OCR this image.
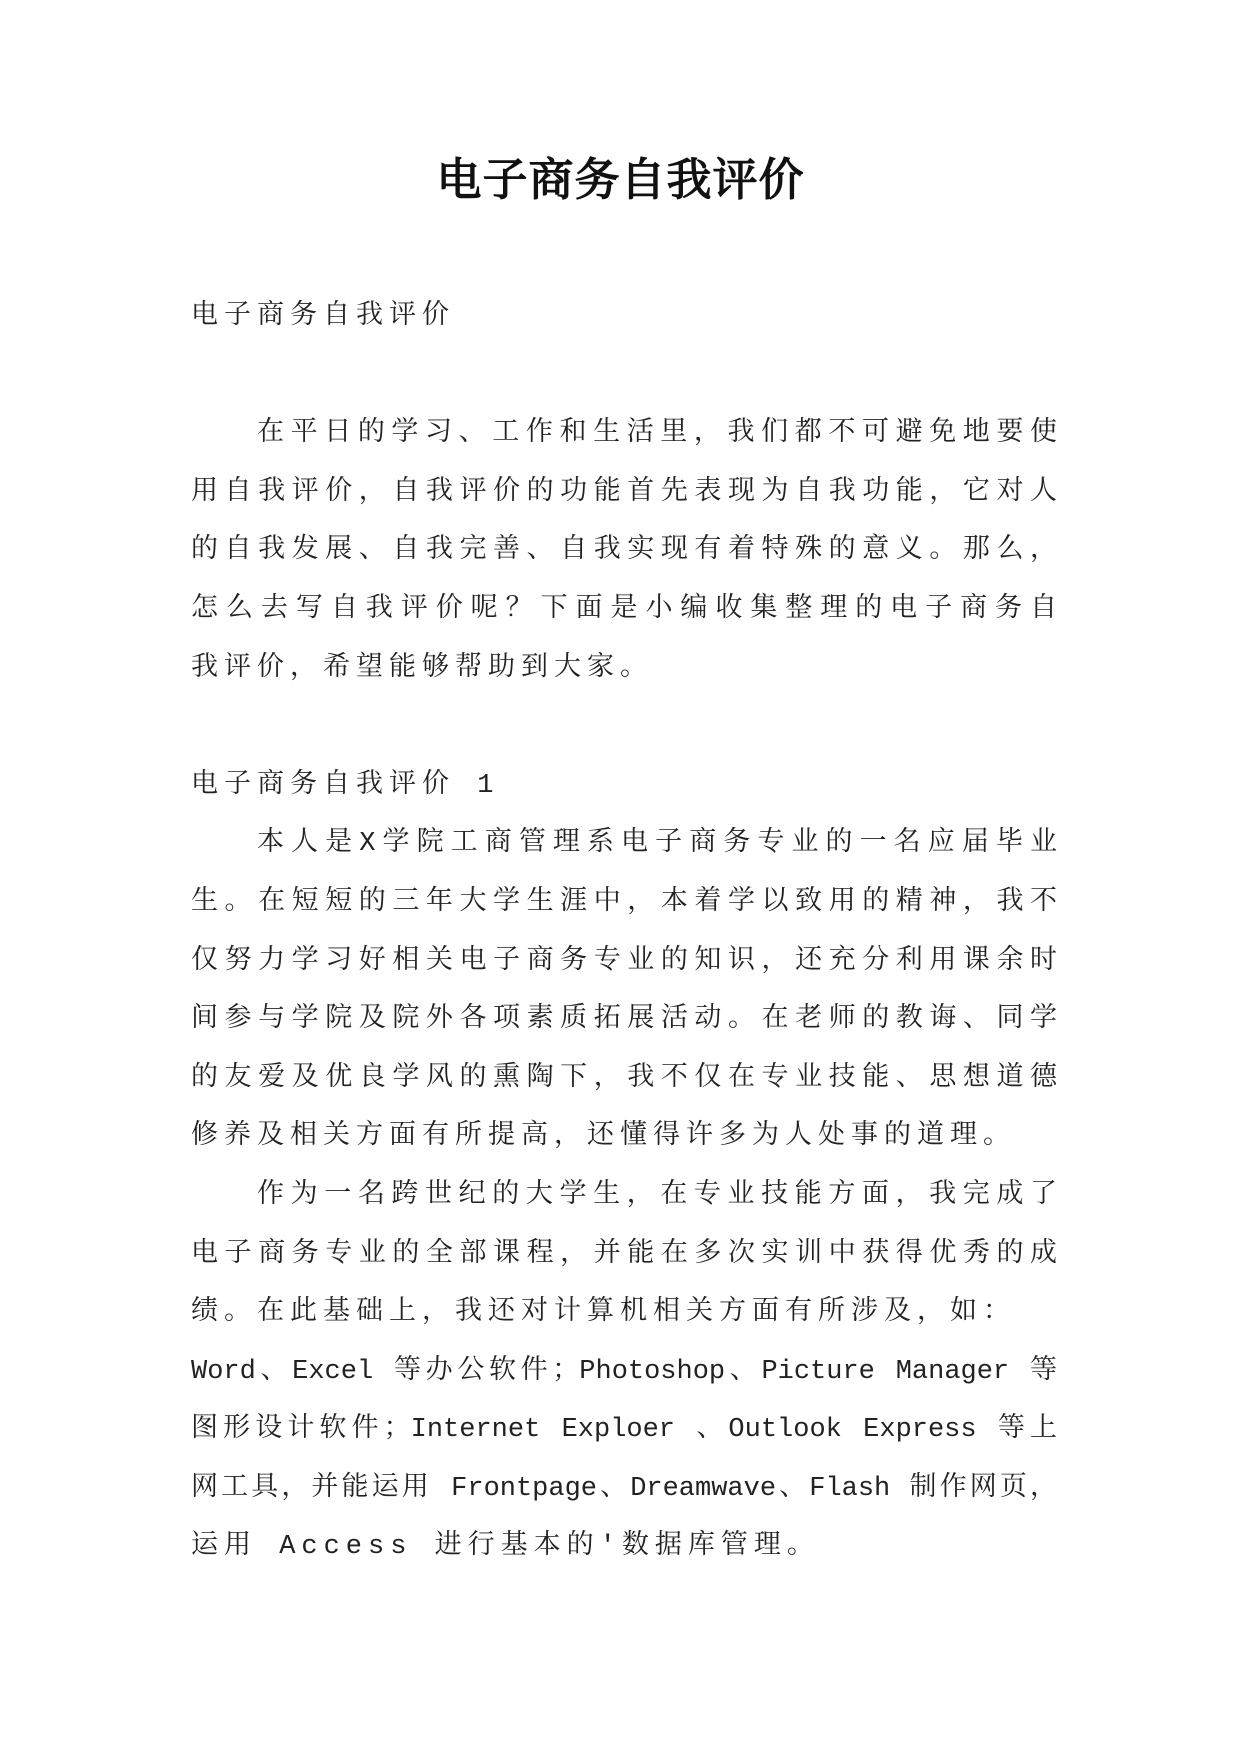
电子商务自我评价
电子商务自我评价
在平日的学习、工作和生活里，我们都不可避免地要使
用自我评价，自我评价的功能首先表现为自我功能，它对人
的自我发展、自我完善、自我实现有着特殊的意义。那么，
怎么去写自我评价呢？下面是小编收集整理的电子商务自
我评价，希望能够帮助到大家。
电子商务自我评价 1
本人是X学院工商管理系电子商务专业的一名应届毕业
生。在短短的三年大学生涯中，本着学以致用的精神，我不
仅努力学习好相关电子商务专业的知识，还充分利用课余时
间参与学院及院外各项素质拓展活动。在老师的教诲、同学
的友爱及优良学风的熏陶下，我不仅在专业技能、思想道德
修养及相关方面有所提高，还懂得许多为人处事的道理。
作为一名跨世纪的大学生，在专业技能方面，我完成了
电子商务专业的全部课程，并能在多次实训中获得优秀的成
绩。在此基础上，我还对计算机相关方面有所涉及，如：
Word、Excel 等办公软件；Photoshop、Picture Manager 等
图形设计软件；Internet Exploer 、Outlook Express 等上
网工具，并能运用 Frontpage、Dreamwave、Flash 制作网页，
运用 Access 进行基本的'数据库管理。
